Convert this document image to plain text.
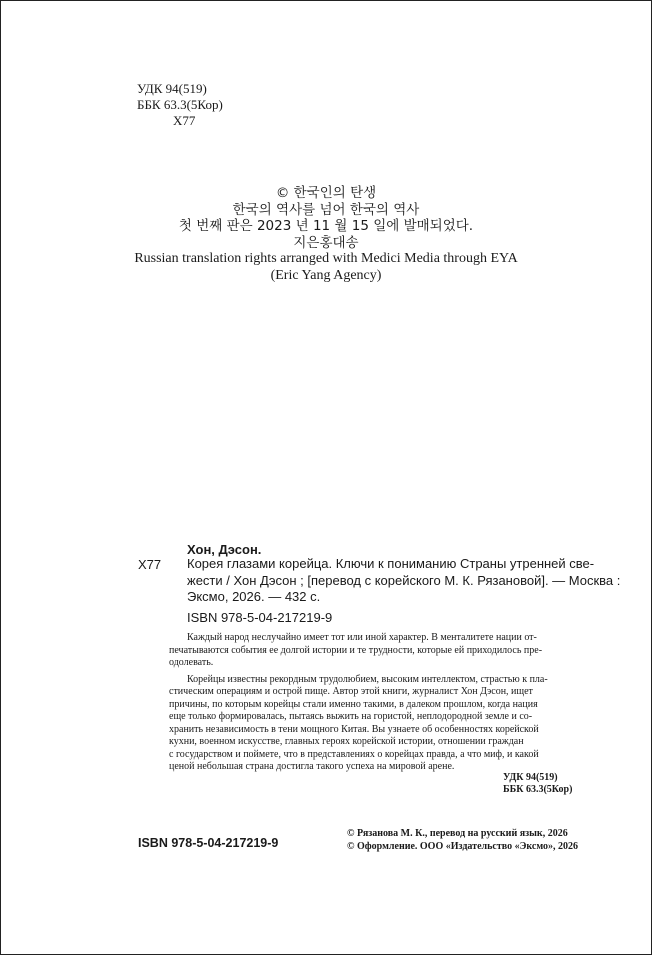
УДК 94(519)
ББК 63.3(5Кор)
Х77
© 한국인의 탄생
한국의 역사를 넘어 한국의 역사
첫 번째 판은 2023 년 11 월 15 일에 발매되었다.
지은홍대송
Russian translation rights arranged with Medici Media through EYA
(Eric Yang Agency)
Хон, Дэсон.
Х77 Корея глазами корейца. Ключи к пониманию Страны утренней све-
жести / Хон Дэсон ; [перевод с корейского М. К. Рязановой]. — Москва :
Эксмо, 2026. — 432 с.
ISBN 978-5-04-217219-9
Каждый народ неслучайно имеет тот или иной характер. В менталитете нации от-
печатываются события ее долгой истории и те трудности, которые ей приходилось пре-
одолевать.
Корейцы известны рекордным трудолюбием, высоким интеллектом, страстью к пла-
стическим операциям и острой пище. Автор этой книги, журналист Хон Дэсон, ищет
причины, по которым корейцы стали именно такими, в далеком прошлом, когда нация
еще только формировалась, пытаясь выжить на гористой, неплодородной земле и со-
хранить независимость в тени мощного Китая. Вы узнаете об особенностях корейской
кухни, военном искусстве, главных героях корейской истории, отношении граждан
с государством и поймете, что в представлениях о корейцах правда, а что миф, и какой
ценой небольшая страна достигла такого успеха на мировой арене.
УДК 94(519)
ББК 63.3(5Кор)
ISBN 978-5-04-217219-9
© Рязанова М. К., перевод на русский язык, 2026
© Оформление. ООО «Издательство «Эксмо», 2026
